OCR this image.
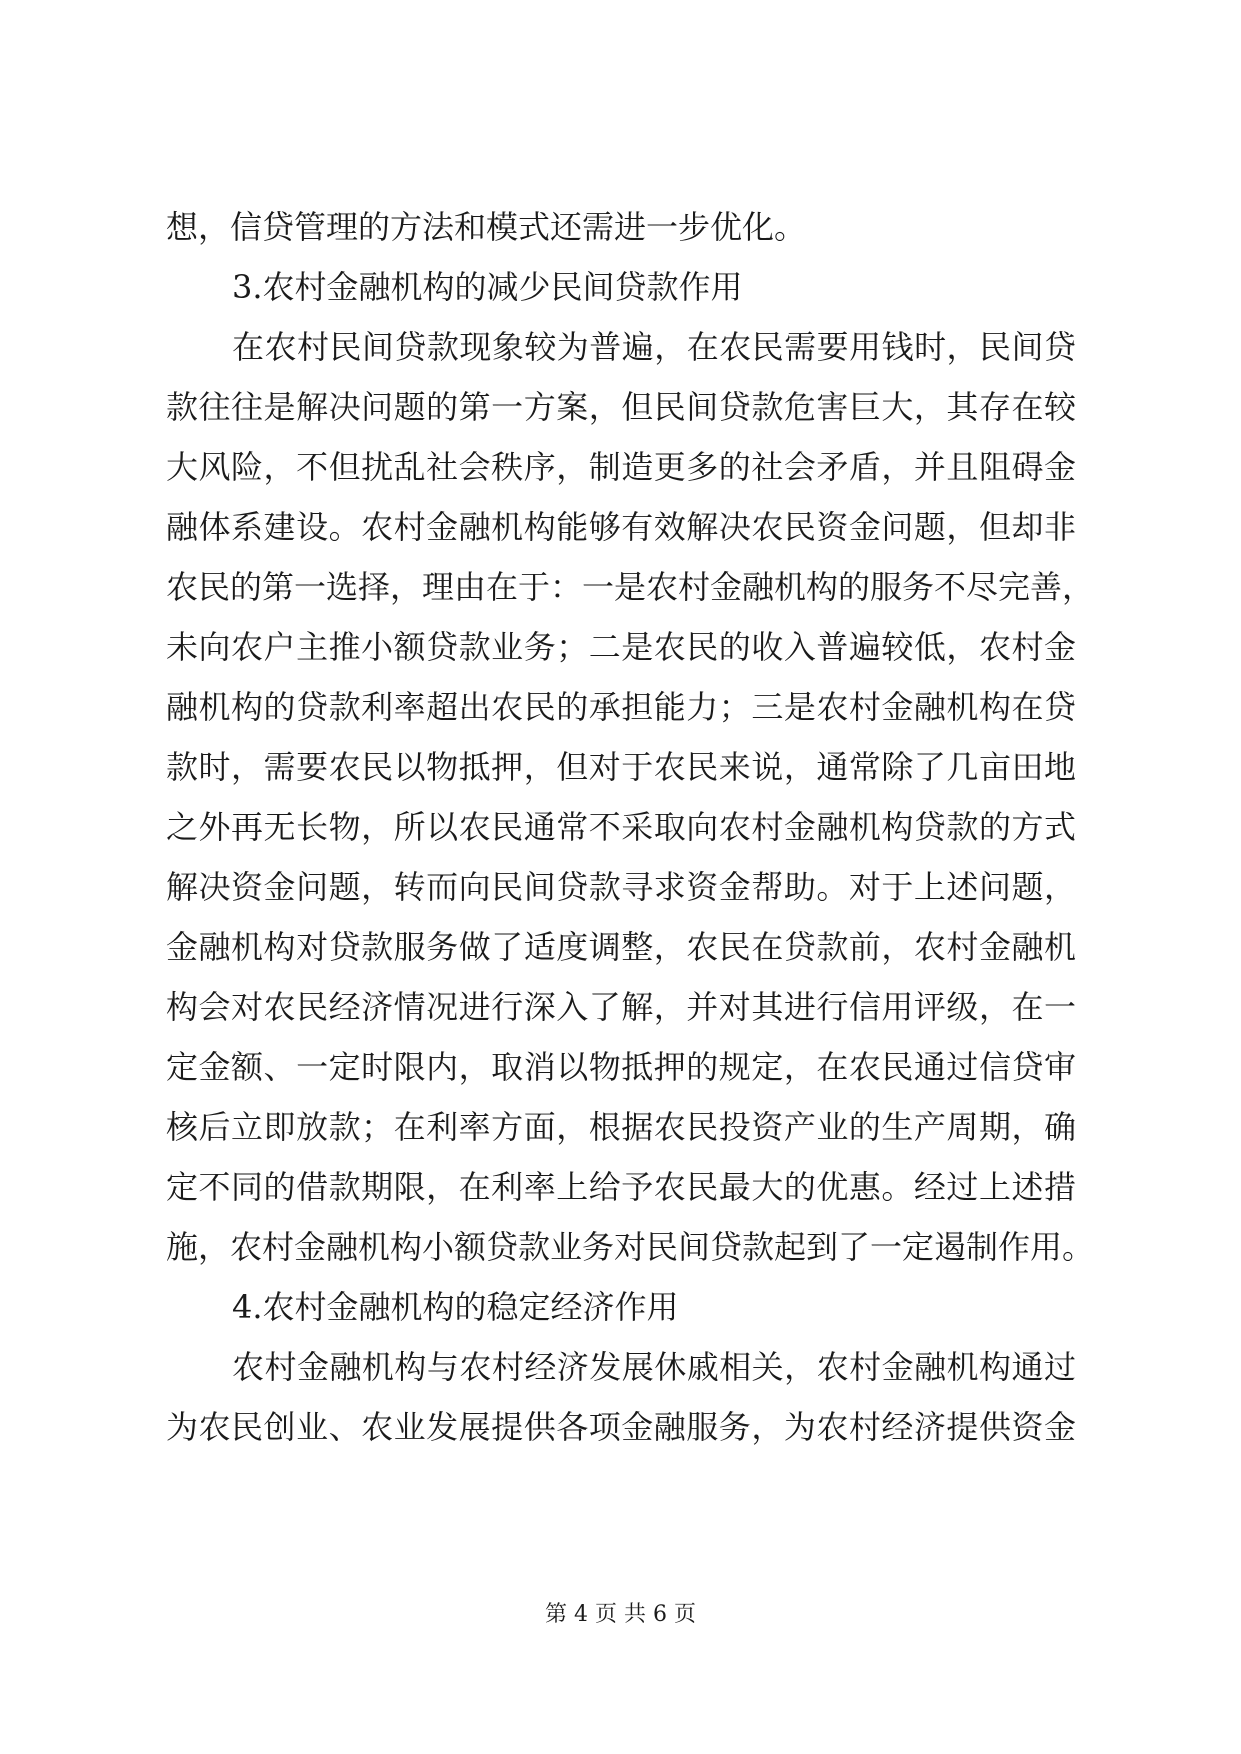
想，信贷管理的方法和模式还需进一步优化。
3.农村金融机构的减少民间贷款作用
在农村民间贷款现象较为普遍，在农民需要用钱时，民间贷
款往往是解决问题的第一方案，但民间贷款危害巨大，其存在较
大风险，不但扰乱社会秩序，制造更多的社会矛盾，并且阻碍金
融体系建设。农村金融机构能够有效解决农民资金问题，但却非
农民的第一选择，理由在于：一是农村金融机构的服务不尽完善，
未向农户主推小额贷款业务；二是农民的收入普遍较低，农村金
融机构的贷款利率超出农民的承担能力；三是农村金融机构在贷
款时，需要农民以物抵押，但对于农民来说，通常除了几亩田地
之外再无长物，所以农民通常不采取向农村金融机构贷款的方式
解决资金问题，转而向民间贷款寻求资金帮助。对于上述问题，
金融机构对贷款服务做了适度调整，农民在贷款前，农村金融机
构会对农民经济情况进行深入了解，并对其进行信用评级，在一
定金额、一定时限内，取消以物抵押的规定，在农民通过信贷审
核后立即放款；在利率方面，根据农民投资产业的生产周期，确
定不同的借款期限，在利率上给予农民最大的优惠。经过上述措
施，农村金融机构小额贷款业务对民间贷款起到了一定遏制作用。
4.农村金融机构的稳定经济作用
农村金融机构与农村经济发展休戚相关，农村金融机构通过
为农民创业、农业发展提供各项金融服务，为农村经济提供资金
第 4 页 共 6 页
